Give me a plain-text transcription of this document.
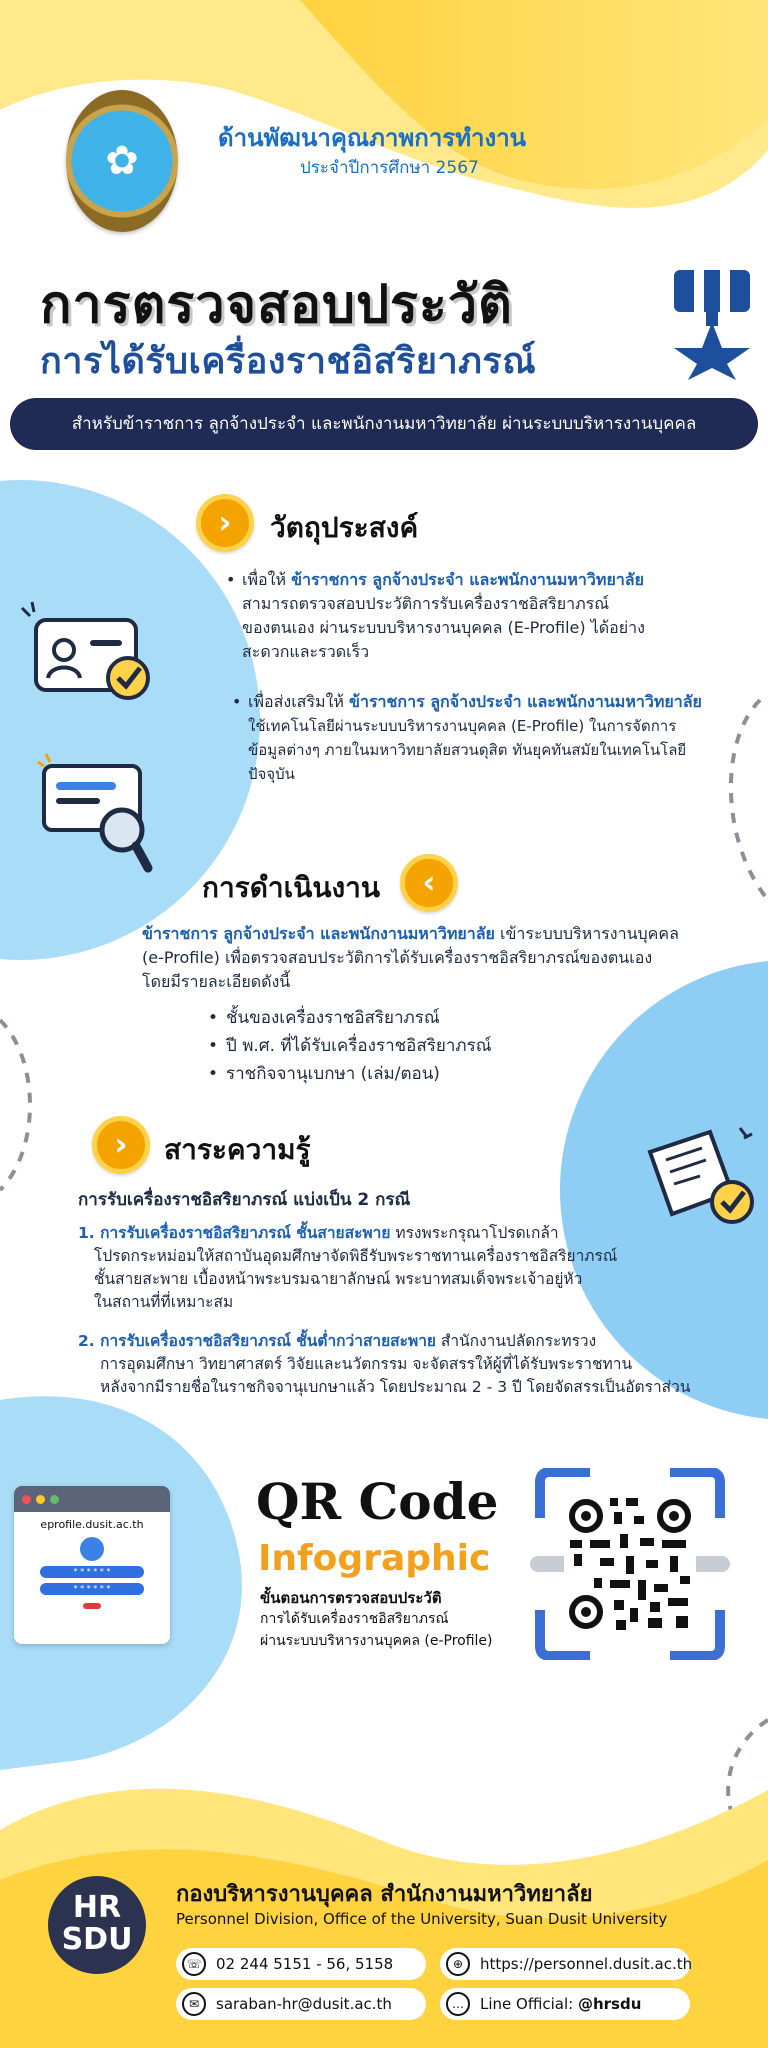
✿	ด้านพัฒนาคุณภาพการทำงาน
ประจำปีการศึกษา 2567
การตรวจสอบประวัติ
การได้รับเครื่องราชอิสริยาภรณ์
สำหรับข้าราชการ ลูกจ้างประจำ และพนักงานมหาวิทยาลัย ผ่านระบบบริหารงานบุคคล
›	วัตถุประสงค์
• เพื่อให้ ข้าราชการ ลูกจ้างประจำ และพนักงานมหาวิทยาลัย
สามารถตรวจสอบประวัติการรับเครื่องราชอิสริยาภรณ์
ของตนเอง ผ่านระบบบริหารงานบุคคล (E-Profile) ได้อย่าง
สะดวกและรวดเร็ว
• เพื่อส่งเสริมให้ ข้าราชการ ลูกจ้างประจำ และพนักงานมหาวิทยาลัย
ใช้เทคโนโลยีผ่านระบบบริหารงานบุคคล (E-Profile) ในการจัดการ
ข้อมูลต่างๆ ภายในมหาวิทยาลัยสวนดุสิต ทันยุคทันสมัยในเทคโนโลยี
ปัจจุบัน
การดำเนินงาน	‹
ข้าราชการ ลูกจ้างประจำ และพนักงานมหาวิทยาลัย เข้าระบบบริหารงานบุคคล
(e-Profile) เพื่อตรวจสอบประวัติการได้รับเครื่องราชอิสริยาภรณ์ของตนเอง
โดยมีรายละเอียดดังนี้
• ชั้นของเครื่องราชอิสริยาภรณ์
• ปี พ.ศ. ที่ได้รับเครื่องราชอิสริยาภรณ์
• ราชกิจจานุเบกษา (เล่ม/ตอน)
›	สาระความรู้
การรับเครื่องราชอิสริยาภรณ์ แบ่งเป็น 2 กรณี
1. การรับเครื่องราชอิสริยาภรณ์ ชั้นสายสะพาย ทรงพระกรุณาโปรดเกล้า
โปรดกระหม่อมให้สถาบันอุดมศึกษาจัดพิธีรับพระราชทานเครื่องราชอิสริยาภรณ์
ชั้นสายสะพาย เบื้องหน้าพระบรมฉายาลักษณ์ พระบาทสมเด็จพระเจ้าอยู่หัว
ในสถานที่ที่เหมาะสม
2. การรับเครื่องราชอิสริยาภรณ์ ชั้นต่ำกว่าสายสะพาย สำนักงานปลัดกระทรวง
การอุดมศึกษา วิทยาศาสตร์ วิจัยและนวัตกรรม จะจัดสรรให้ผู้ที่ได้รับพระราชทาน
หลังจากมีรายชื่อในราชกิจจานุเบกษาแล้ว โดยประมาณ 2 - 3 ปี โดยจัดสรรเป็นอัตราส่วน
eprofile.dusit.ac.th
* * * * * *
* * * * * *
QR Code
Infographic
ขั้นตอนการตรวจสอบประวัติ
การได้รับเครื่องราชอิสริยาภรณ์
ผ่านระบบบริหารงานบุคคล (e-Profile)
HR
SDU
กองบริหารงานบุคคล สำนักงานมหาวิทยาลัย
Personnel Division, Office of the University, Suan Dusit University
☏ 02 244 5151 - 56, 5158	⊕	https://personnel.dusit.ac.th
✉	saraban-hr@dusit.ac.th	…	Line Official: @hrsdu
